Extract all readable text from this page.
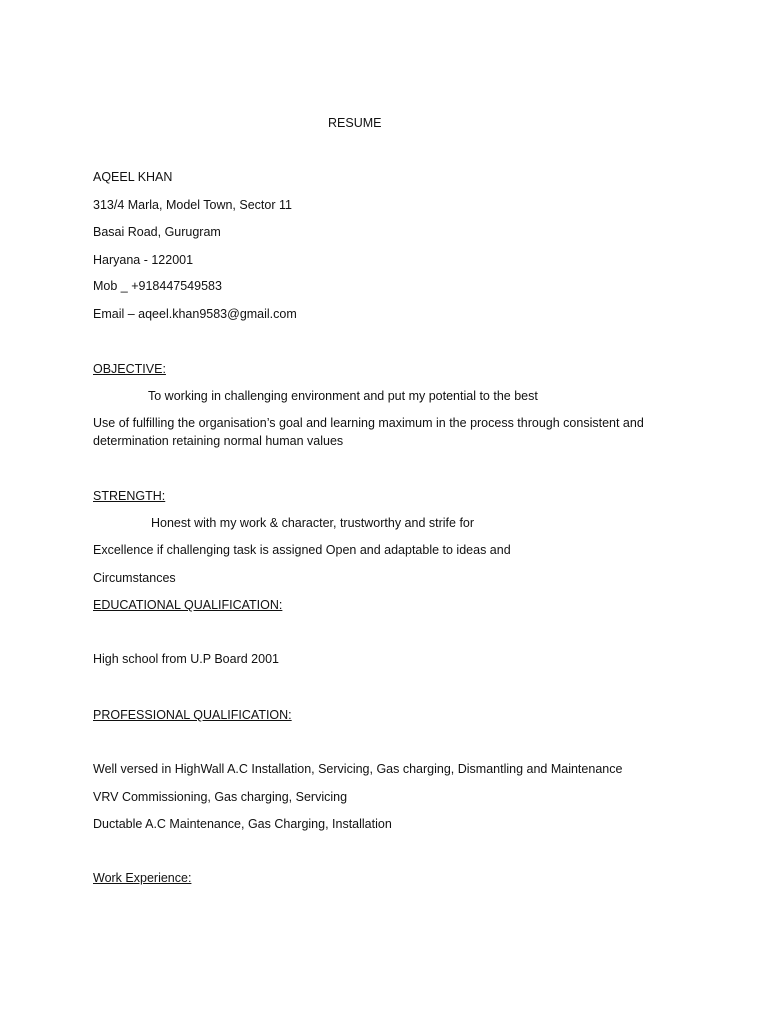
RESUME
AQEEL KHAN
313/4 Marla, Model Town, Sector 11
Basai Road, Gurugram
Haryana - 122001
Mob _ +918447549583
Email – aqeel.khan9583@gmail.com
OBJECTIVE:
To working in challenging environment and put my potential to the best
Use of fulfilling the organisation’s goal and learning maximum in the process through consistent and determination retaining normal human values
STRENGTH:
Honest with my work & character, trustworthy and strife for
Excellence if challenging task is assigned Open and adaptable to ideas and
Circumstances
EDUCATIONAL QUALIFICATION:
High school from U.P Board 2001
PROFESSIONAL QUALIFICATION:
Well versed in HighWall A.C Installation, Servicing, Gas charging, Dismantling and Maintenance
VRV Commissioning, Gas charging, Servicing
Ductable A.C Maintenance, Gas Charging, Installation
Work Experience:
